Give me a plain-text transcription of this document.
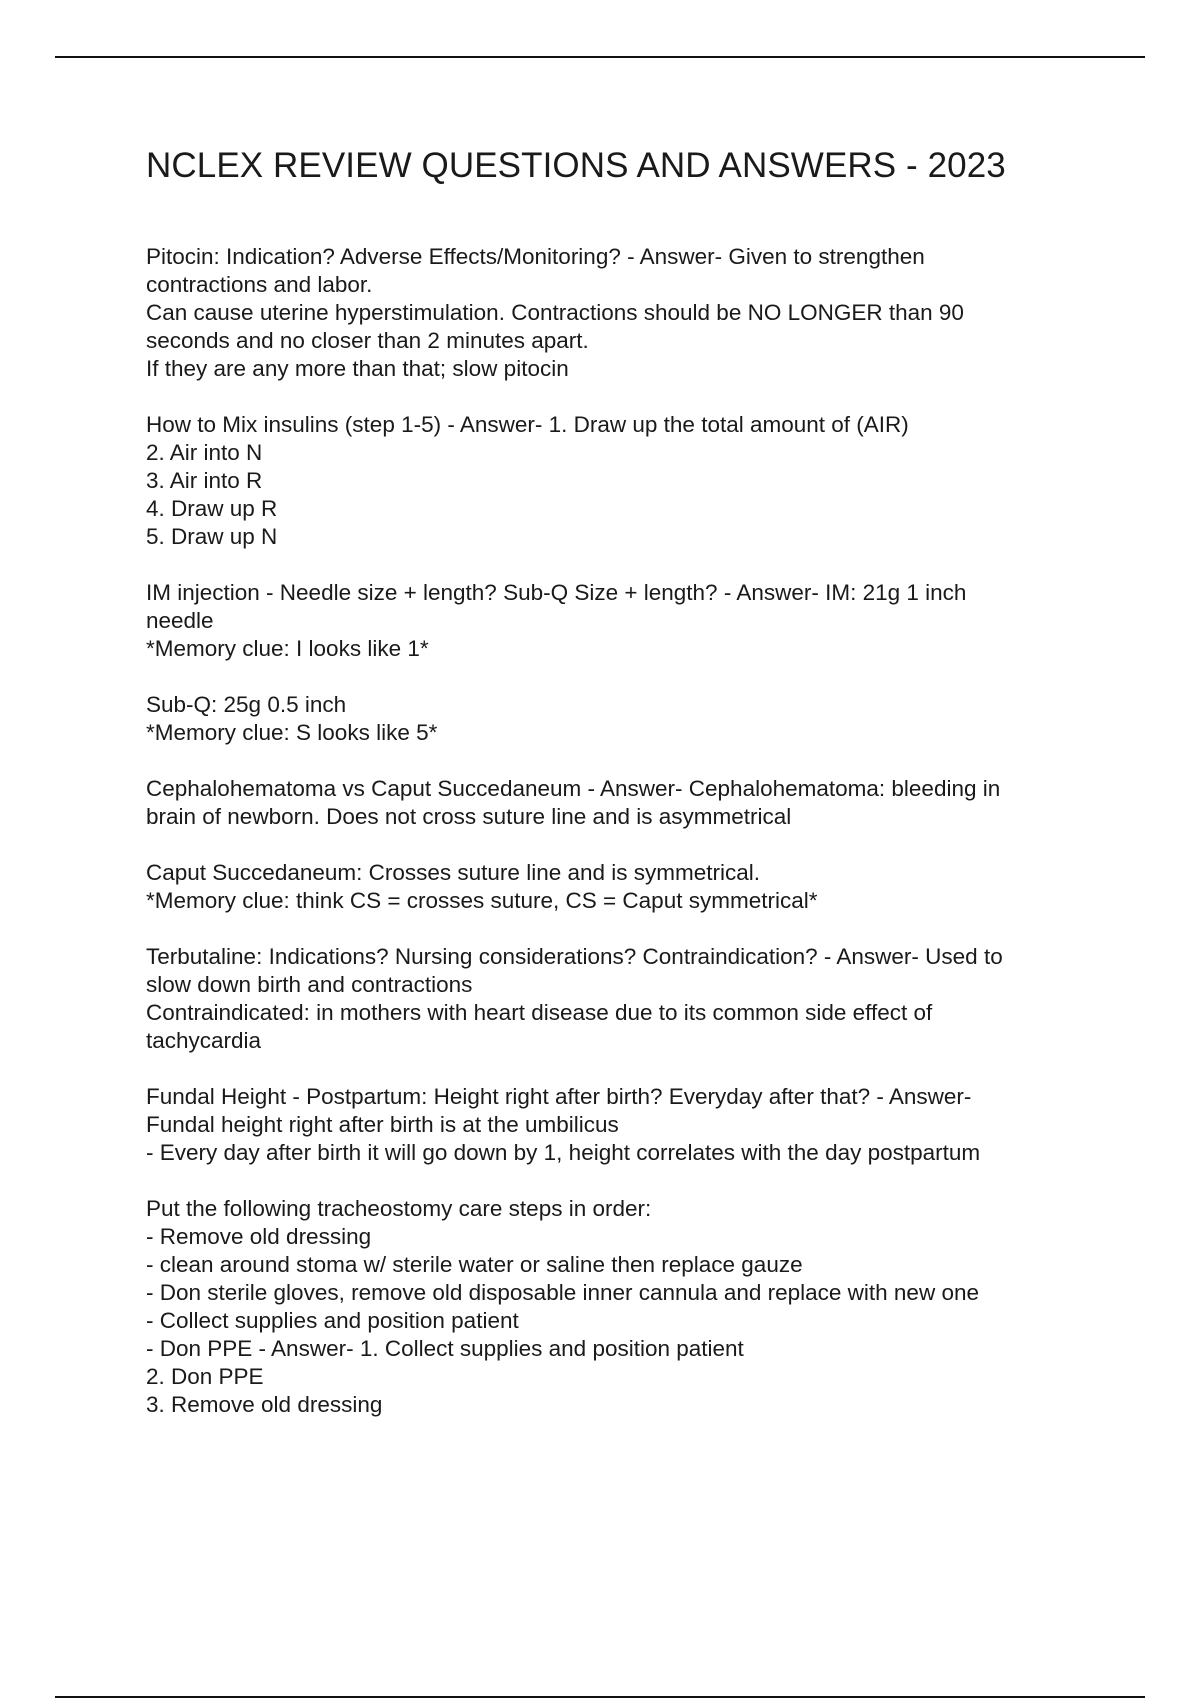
NCLEX REVIEW QUESTIONS AND ANSWERS - 2023
Pitocin: Indication? Adverse Effects/Monitoring? - Answer- Given to strengthen
contractions and labor.
Can cause uterine hyperstimulation. Contractions should be NO LONGER than 90
seconds and no closer than 2 minutes apart.
If they are any more than that; slow pitocin
How to Mix insulins (step 1-5) - Answer- 1. Draw up the total amount of (AIR)
2. Air into N
3. Air into R
4. Draw up R
5. Draw up N
IM injection - Needle size + length? Sub-Q Size + length? - Answer- IM: 21g 1 inch
needle
*Memory clue: I looks like 1*
Sub-Q: 25g 0.5 inch
*Memory clue: S looks like 5*
Cephalohematoma vs Caput Succedaneum - Answer- Cephalohematoma: bleeding in
brain of newborn. Does not cross suture line and is asymmetrical
Caput Succedaneum: Crosses suture line and is symmetrical.
*Memory clue: think CS = crosses suture, CS = Caput symmetrical*
Terbutaline: Indications? Nursing considerations? Contraindication? - Answer- Used to
slow down birth and contractions
Contraindicated: in mothers with heart disease due to its common side effect of
tachycardia
Fundal Height - Postpartum: Height right after birth? Everyday after that? - Answer-
Fundal height right after birth is at the umbilicus
- Every day after birth it will go down by 1, height correlates with the day postpartum
Put the following tracheostomy care steps in order:
- Remove old dressing
- clean around stoma w/ sterile water or saline then replace gauze
- Don sterile gloves, remove old disposable inner cannula and replace with new one
- Collect supplies and position patient
- Don PPE - Answer- 1. Collect supplies and position patient
2. Don PPE
3. Remove old dressing
